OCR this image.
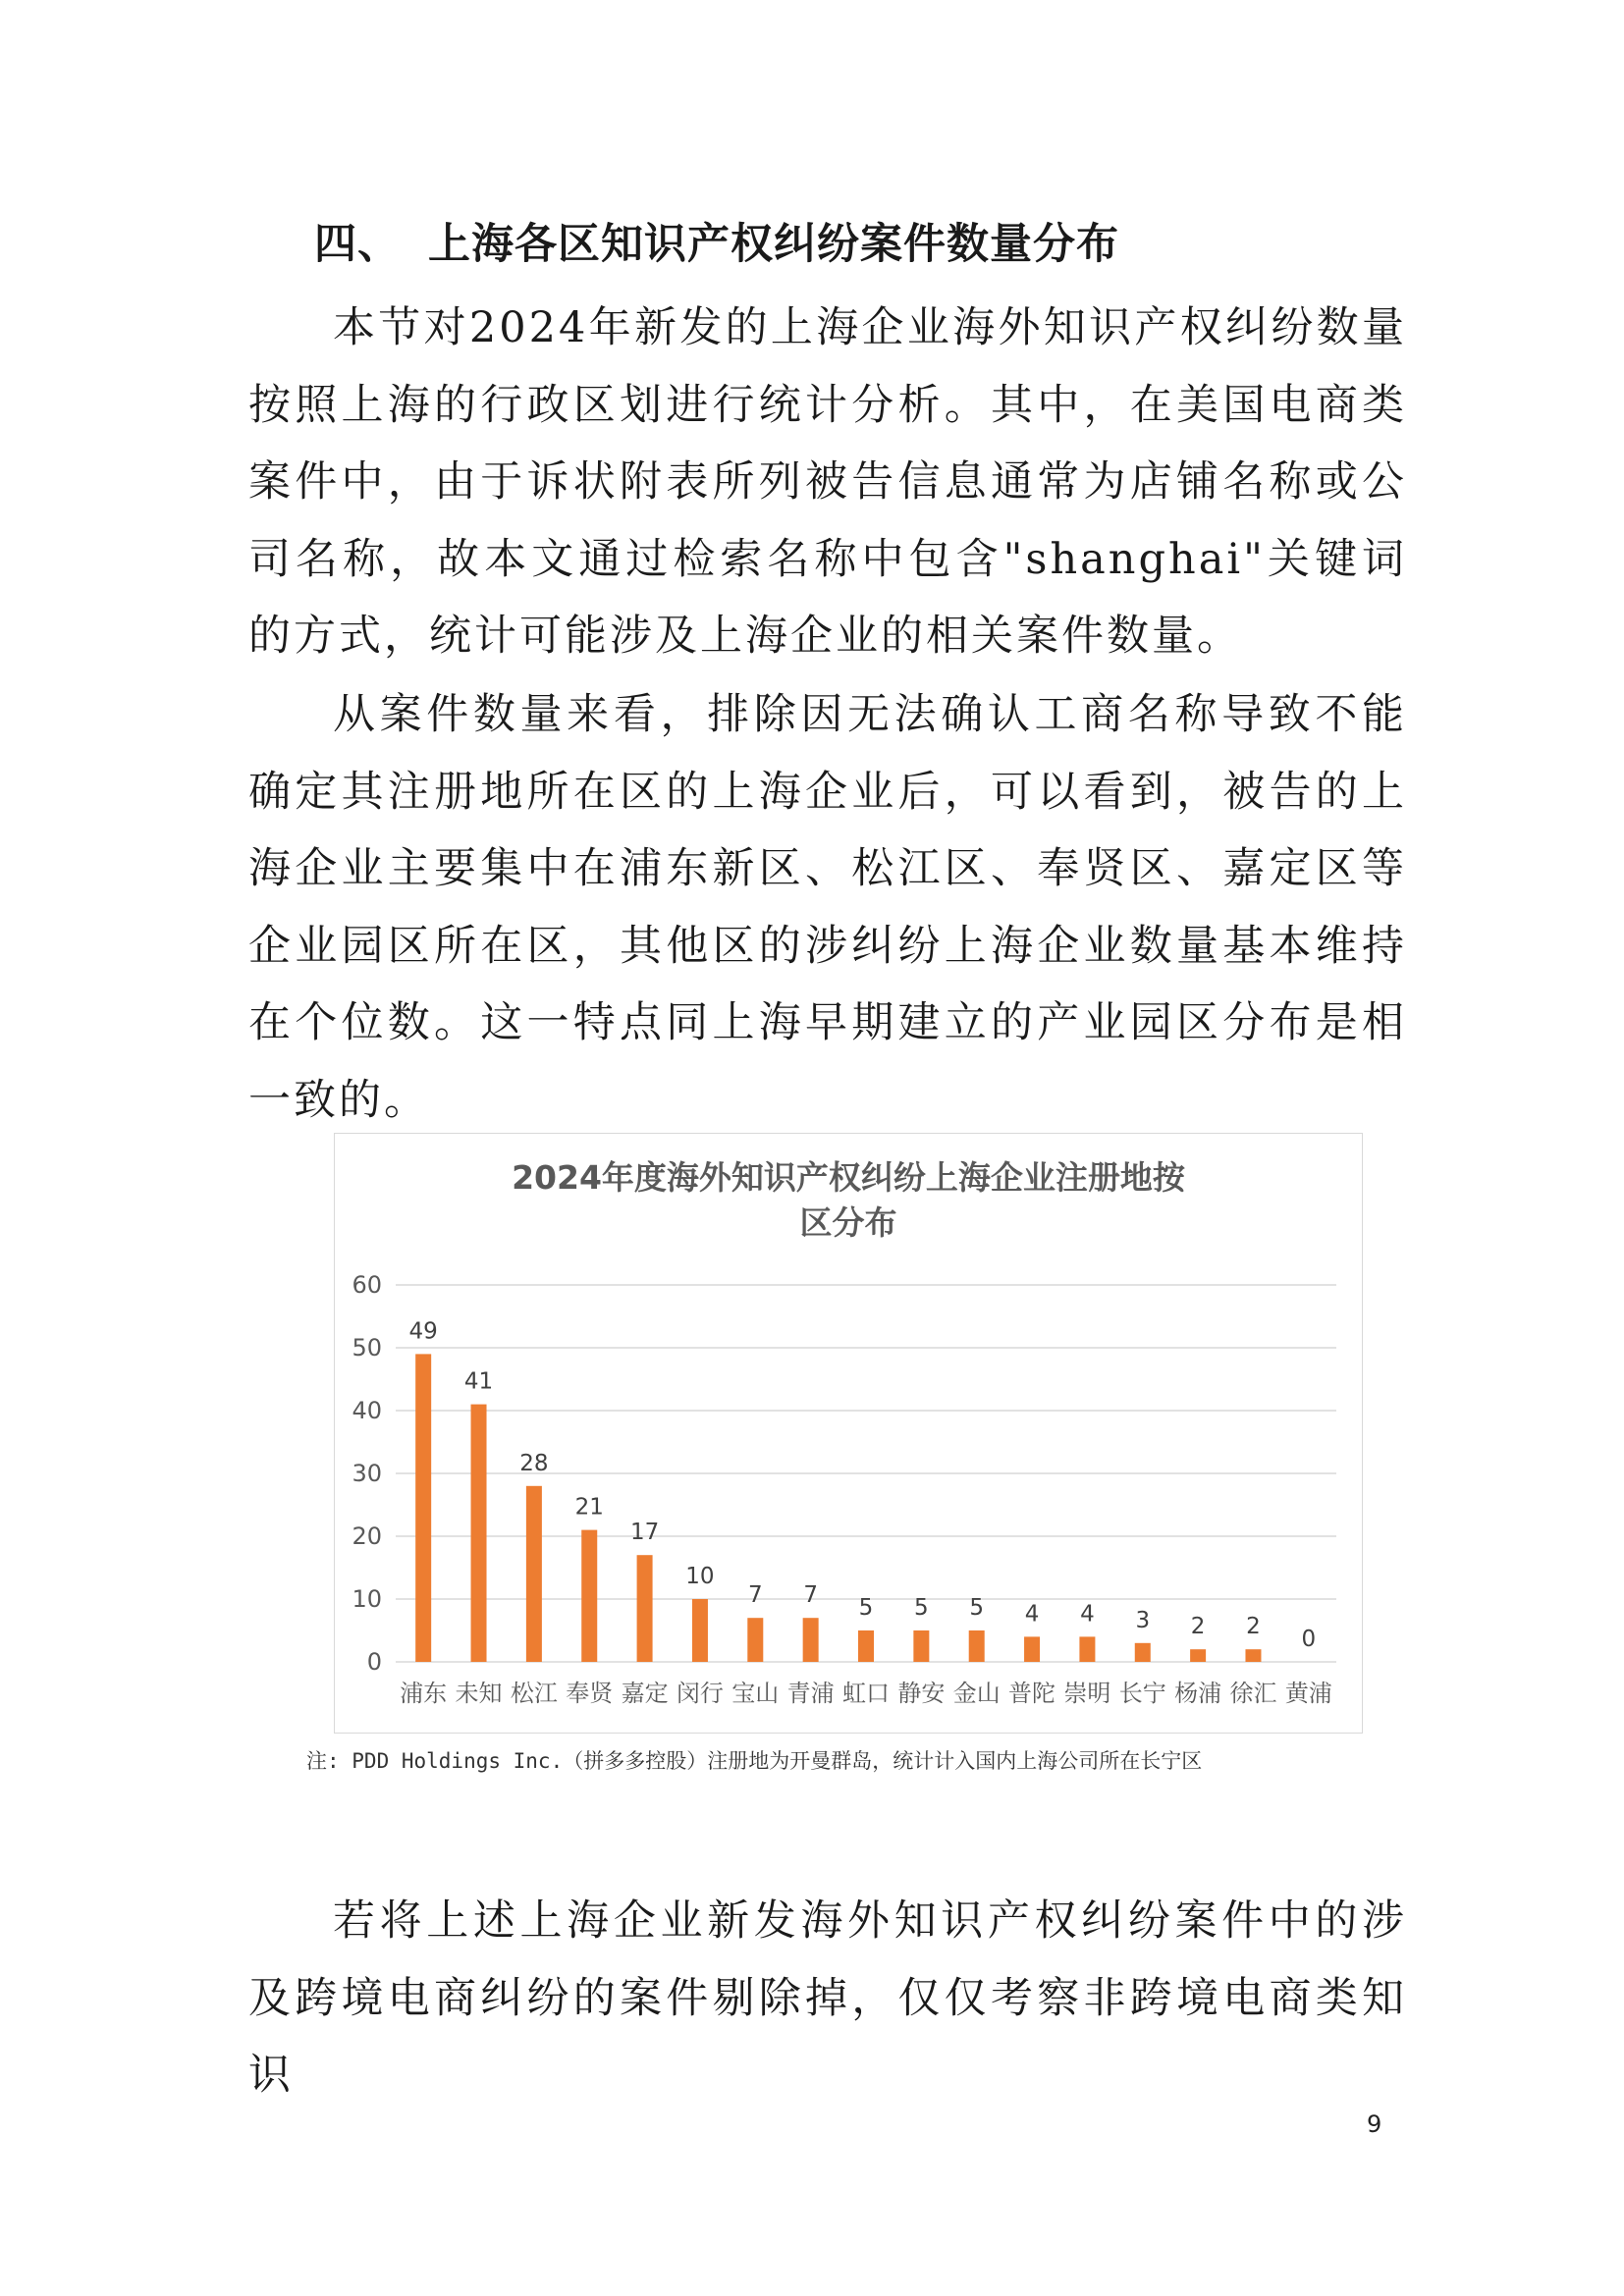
四、 上海各区知识产权纠纷案件数量分布

本节对2024年新发的上海企业海外知识产权纠纷数量按照上海的行政区划进行统计分析。其中，在美国电商类案件中，由于诉状附表所列被告信息通常为店铺名称或公司名称，故本文通过检索名称中包含"shanghai"关键词的方式，统计可能涉及上海企业的相关案件数量。

从案件数量来看，排除因无法确认工商名称导致不能确定其注册地所在区的上海企业后，可以看到，被告的上海企业主要集中在浦东新区、松江区、奉贤区、嘉定区等企业园区所在区，其他区的涉纠纷上海企业数量基本维持在个位数。这一特点同上海早期建立的产业园区分布是相一致的。

2024年度海外知识产权纠纷上海企业注册地按
区分布
0
10
20
30
40
50
60
49
41
28
21
17
10
7 7 5 5 5 4 4 3 2 2 0
浦东 未知 松江 奉贤 嘉定 闵行 宝山 青浦 虹口 静安 金山 普陀 崇明 长宁 杨浦 徐汇 黄浦
注: PDD Holdings Inc.（拼多多控股）注册地为开曼群岛，统计计入国内上海公司所在长宁区

若将上述上海企业新发海外知识产权纠纷案件中的涉及跨境电商纠纷的案件剔除掉，仅仅考察非跨境电商类知识

9
